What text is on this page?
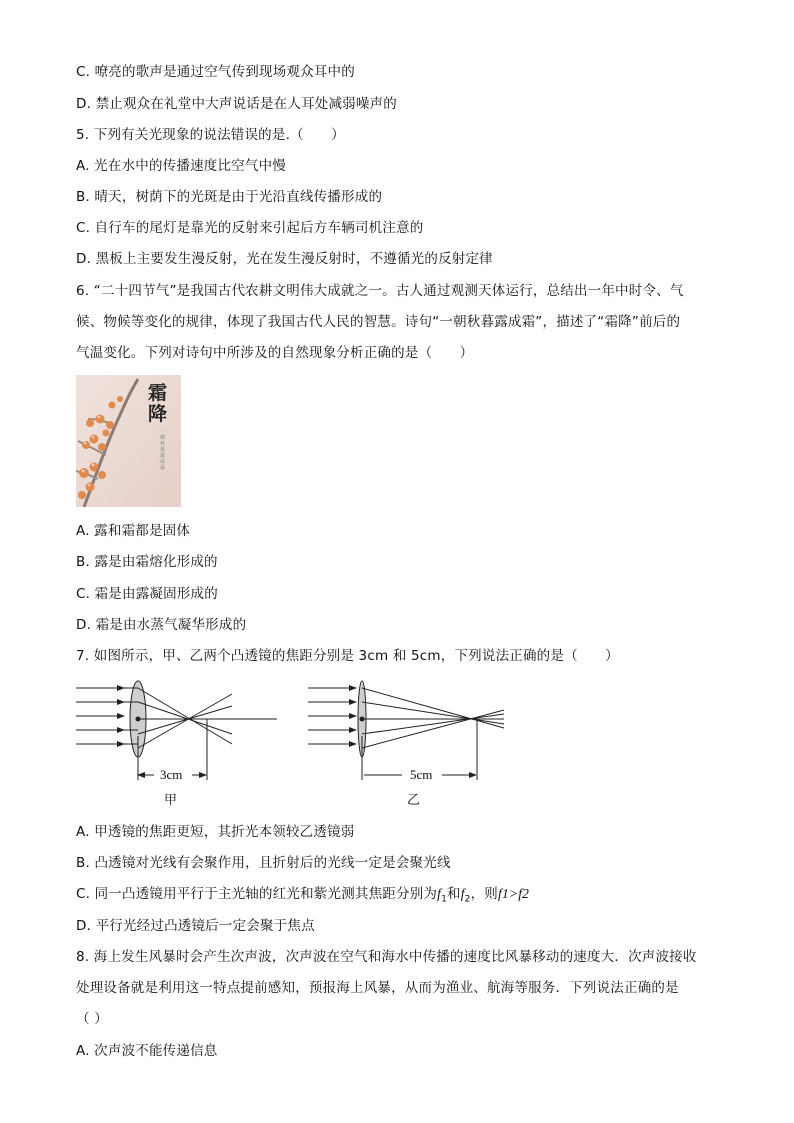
C. 嘹亮的歌声是通过空气传到现场观众耳中的
D. 禁止观众在礼堂中大声说话是在人耳处减弱噪声的
5. 下列有关光现象的说法错误的是.（　　）
A. 光在水中的传播速度比空气中慢
B. 晴天，树荫下的光斑是由于光沿直线传播形成的
C. 自行车的尾灯是靠光的反射来引起后方车辆司机注意的
D. 黑板上主要发生漫反射，光在发生漫反射时，不遵循光的反射定律
6. “二十四节气”是我国古代农耕文明伟大成就之一。古人通过观测天体运行，总结出一年中时令、气
候、物候等变化的规律，体现了我国古代人民的智慧。诗句“一朝秋暮露成霜”，描述了“霜降”前后的
气温变化。下列对诗句中所涉及的自然现象分析正确的是（　　）
霜降
一朝秋暮露成霜
A. 露和霜都是固体
B. 露是由霜熔化形成的
C. 霜是由露凝固形成的
D. 霜是由水蒸气凝华形成的
7. 如图所示，甲、乙两个凸透镜的焦距分别是 3cm 和 5cm，下列说法正确的是（　　）
3cm
甲
5cm
乙
A. 甲透镜的焦距更短，其折光本领较乙透镜弱
B. 凸透镜对光线有会聚作用，且折射后的光线一定是会聚光线
C. 同一凸透镜用平行于主光轴的红光和紫光测其焦距分别为$f_1$和$f_2$，则f1>f2
D. 平行光经过凸透镜后一定会聚于焦点
8. 海上发生风暴时会产生次声波，次声波在空气和海水中传播的速度比风暴移动的速度大．次声波接收
处理设备就是利用这一特点提前感知，预报海上风暴，从而为渔业、航海等服务．下列说法正确的是
（ ）
A. 次声波不能传递信息
